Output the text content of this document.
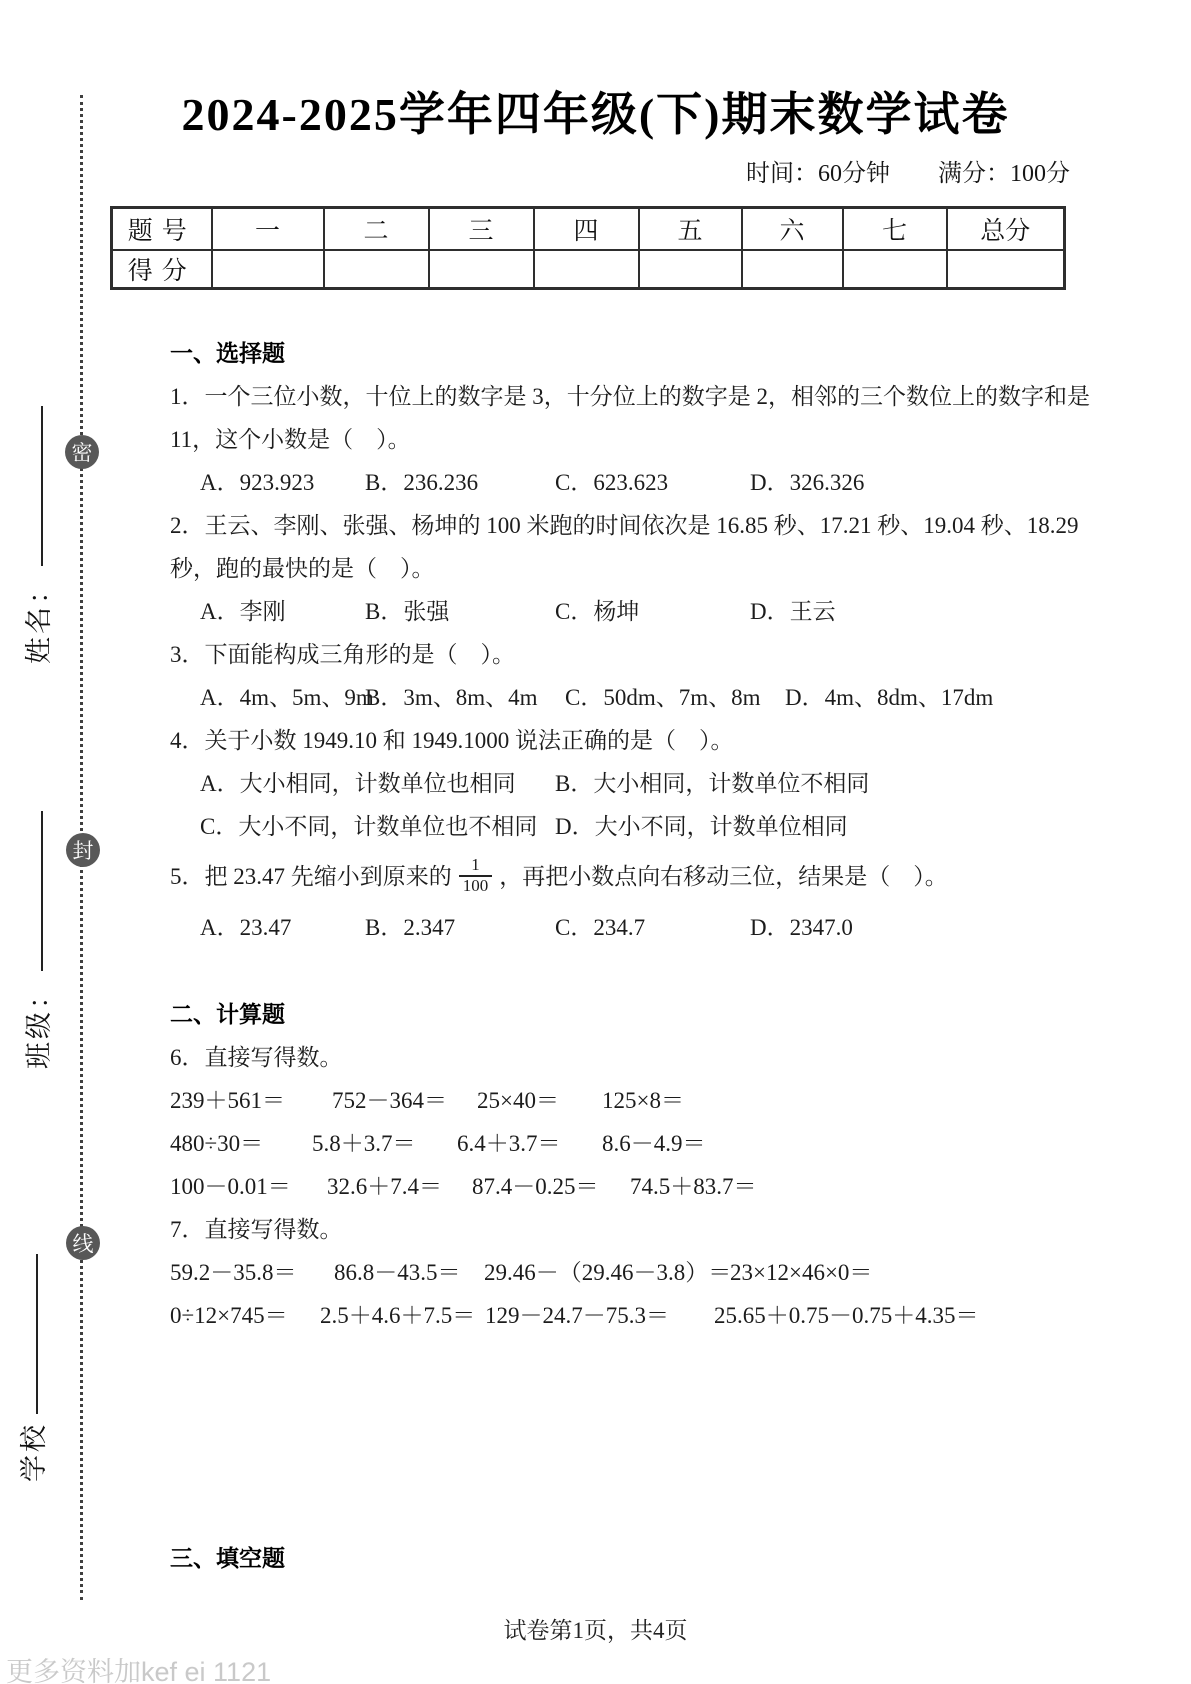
密
封
线
姓名：
班级：
学校
2024-2025学年四年级(下)期末数学试卷
时间：60分钟 满分：100分
题号	一	二	三	四	五	六	七	总分
得分								

一、选择题

1．一个三位小数，十位上的数字是 3，十分位上的数字是 2，相邻的三个数位上的数字和是

11，这个小数是（　）。

A．923.923	B．236.236	C．623.623	D．326.326

2．王云、李刚、张强、杨坤的 100 米跑的时间依次是 16.85 秒、17.21 秒、19.04 秒、18.29

秒，跑的最快的是（　）。

A．李刚	B．张强	C．杨坤	D．王云

3．下面能构成三角形的是（　）。

A．4m、5m、9m
B．3m、8m、4m	C．50dm、7m、8m	D．4m、8dm、17dm

4．关于小数 1949.10 和 1949.1000 说法正确的是（　）。

A．大小相同，计数单位也相同	B．大小相同，计数单位不相同
C．大小不同，计数单位也不相同 D．大小不同，计数单位相同

5．把 23.47 先缩小到原来的 $\frac{1}{100}$ ，再把小数点向右移动三位，结果是（　）。

A．23.47	B．2.347	C．234.7	D．2347.0

二、计算题

6．直接写得数。

239＋561＝	752－364＝	25×40＝	125×8＝
480÷30＝	5.8＋3.7＝	6.4＋3.7＝	8.6－4.9＝
100－0.01＝	32.6＋7.4＝	87.4－0.25＝	74.5＋83.7＝

7．直接写得数。

59.2－35.8＝	86.8－43.5＝	29.46－（29.46－3.8）＝
23×12×46×0＝
0÷12×745＝	2.5＋4.6＋7.5＝ 129－24.7－75.3＝	25.65＋0.75－0.75＋4.35＝

三、填空题

试卷第1页，共4页
更多资料加kef ei 1121
